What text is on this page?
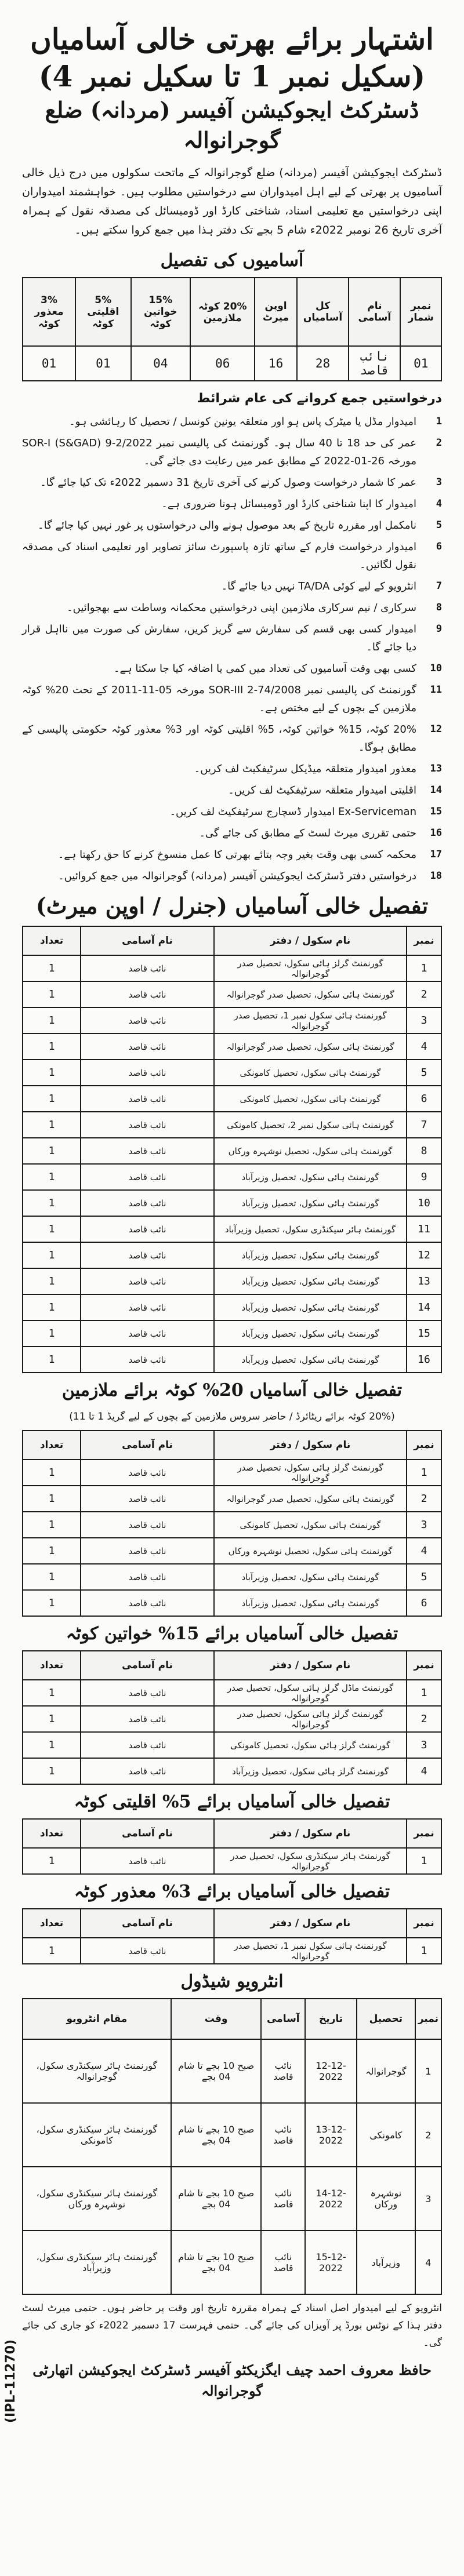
اشتہار برائے بھرتی خالی آسامیاں (سکیل نمبر 1 تا سکیل نمبر 4)
ڈسٹرکٹ ایجوکیشن آفیسر (مردانہ) ضلع گوجرانوالہ

ڈسٹرکٹ ایجوکیشن آفیسر (مردانہ) ضلع گوجرانوالہ کے ماتحت سکولوں میں درج ذیل خالی آسامیوں پر بھرتی کے لیے اہل امیدواران سے درخواستیں مطلوب ہیں۔ خواہشمند امیدواران اپنی درخواستیں مع تعلیمی اسناد، شناختی کارڈ اور ڈومیسائل کی مصدقہ نقول کے ہمراہ آخری تاریخ 26 نومبر 2022ء شام 5 بجے تک دفتر ہذا میں جمع کروا سکتے ہیں۔

آسامیوں کی تفصیل
نمبر شمار	نام آسامی	کل آسامیاں	اوپن میرٹ	20% کوٹہ ملازمین	15% خواتین کوٹہ	5% اقلیتی کوٹہ	3% معذور کوٹہ
01	نائب قاصد	28	16	06	04	01	01
درخواستیں جمع کروانے کی عام شرائط
1
امیدوار مڈل یا میٹرک پاس ہو اور متعلقہ یونین کونسل / تحصیل کا رہائشی ہو۔
2
عمر کی حد 18 تا 40 سال ہو۔ گورنمنٹ کی پالیسی نمبر SOR-I (S&GAD) 9-2/2022 مورخہ 26-01-2022 کے مطابق عمر میں رعایت دی جائے گی۔
3
عمر کا شمار درخواست وصول کرنے کی آخری تاریخ 31 دسمبر 2022ء تک کیا جائے گا۔
4
امیدوار کا اپنا شناختی کارڈ اور ڈومیسائل ہونا ضروری ہے۔
5
نامکمل اور مقررہ تاریخ کے بعد موصول ہونے والی درخواستوں پر غور نہیں کیا جائے گا۔
6
امیدوار درخواست فارم کے ساتھ تازہ پاسپورٹ سائز تصاویر اور تعلیمی اسناد کی مصدقہ نقول لگائیں۔
7
انٹرویو کے لیے کوئی TA/DA نہیں دیا جائے گا۔
8
سرکاری / نیم سرکاری ملازمین اپنی درخواستیں محکمانہ وساطت سے بھجوائیں۔
9
امیدوار کسی بھی قسم کی سفارش سے گریز کریں، سفارش کی صورت میں نااہل قرار دیا جائے گا۔
10
کسی بھی وقت آسامیوں کی تعداد میں کمی یا اضافہ کیا جا سکتا ہے۔
11
گورنمنٹ کی پالیسی نمبر SOR-III 2-74/2008 مورخہ 05-11-2011 کے تحت 20% کوٹہ ملازمین کے بچوں کے لیے مختص ہے۔
12
20% کوٹہ، 15% خواتین کوٹہ، 5% اقلیتی کوٹہ اور 3% معذور کوٹہ حکومتی پالیسی کے مطابق ہوگا۔
13
معذور امیدوار متعلقہ میڈیکل سرٹیفکیٹ لف کریں۔
14
اقلیتی امیدوار متعلقہ سرٹیفکیٹ لف کریں۔
15
Ex-Serviceman امیدوار ڈسچارج سرٹیفکیٹ لف کریں۔
16
حتمی تقرری میرٹ لسٹ کے مطابق کی جائے گی۔
17
محکمہ کسی بھی وقت بغیر وجہ بتائے بھرتی کا عمل منسوخ کرنے کا حق رکھتا ہے۔
18
درخواستیں دفتر ڈسٹرکٹ ایجوکیشن آفیسر (مردانہ) گوجرانوالہ میں جمع کروائیں۔
تفصیل خالی آسامیاں (جنرل / اوپن میرٹ)
نمبر	نام سکول / دفتر	نام آسامی	تعداد
1	گورنمنٹ گرلز ہائی سکول، تحصیل صدر گوجرانوالہ	نائب قاصد	1
2	گورنمنٹ ہائی سکول، تحصیل صدر گوجرانوالہ	نائب قاصد	1
3	گورنمنٹ ہائی سکول نمبر 1، تحصیل صدر گوجرانوالہ	نائب قاصد	1
4	گورنمنٹ ہائی سکول، تحصیل صدر گوجرانوالہ	نائب قاصد	1
5	گورنمنٹ ہائی سکول، تحصیل کامونکی	نائب قاصد	1
6	گورنمنٹ ہائی سکول، تحصیل کامونکی	نائب قاصد	1
7	گورنمنٹ ہائی سکول نمبر 2، تحصیل کامونکی	نائب قاصد	1
8	گورنمنٹ ہائی سکول، تحصیل نوشہرہ ورکاں	نائب قاصد	1
9	گورنمنٹ ہائی سکول، تحصیل وزیرآباد	نائب قاصد	1
10	گورنمنٹ ہائی سکول، تحصیل وزیرآباد	نائب قاصد	1
11	گورنمنٹ ہائر سیکنڈری سکول، تحصیل وزیرآباد	نائب قاصد	1
12	گورنمنٹ ہائی سکول، تحصیل وزیرآباد	نائب قاصد	1
13	گورنمنٹ ہائی سکول، تحصیل وزیرآباد	نائب قاصد	1
14	گورنمنٹ ہائی سکول، تحصیل وزیرآباد	نائب قاصد	1
15	گورنمنٹ ہائی سکول، تحصیل وزیرآباد	نائب قاصد	1
16	گورنمنٹ ہائی سکول، تحصیل وزیرآباد	نائب قاصد	1
تفصیل خالی آسامیاں 20% کوٹہ برائے ملازمین
(20% کوٹہ برائے ریٹائرڈ / حاضر سروس ملازمین کے بچوں کے لیے گریڈ 1 تا 11)
نمبر	نام سکول / دفتر	نام آسامی	تعداد
1	گورنمنٹ گرلز ہائی سکول، تحصیل صدر گوجرانوالہ	نائب قاصد	1
2	گورنمنٹ ہائی سکول، تحصیل صدر گوجرانوالہ	نائب قاصد	1
3	گورنمنٹ ہائی سکول، تحصیل کامونکی	نائب قاصد	1
4	گورنمنٹ ہائی سکول، تحصیل نوشہرہ ورکاں	نائب قاصد	1
5	گورنمنٹ ہائی سکول، تحصیل وزیرآباد	نائب قاصد	1
6	گورنمنٹ ہائی سکول، تحصیل وزیرآباد	نائب قاصد	1
تفصیل خالی آسامیاں برائے 15% خواتین کوٹہ
نمبر	نام سکول / دفتر	نام آسامی	تعداد
1	گورنمنٹ ماڈل گرلز ہائی سکول، تحصیل صدر گوجرانوالہ	نائب قاصد	1
2	گورنمنٹ گرلز ہائی سکول، تحصیل صدر گوجرانوالہ	نائب قاصد	1
3	گورنمنٹ گرلز ہائی سکول، تحصیل کامونکی	نائب قاصد	1
4	گورنمنٹ گرلز ہائی سکول، تحصیل وزیرآباد	نائب قاصد	1
تفصیل خالی آسامیاں برائے 5% اقلیتی کوٹہ
نمبر	نام سکول / دفتر	نام آسامی	تعداد
1	گورنمنٹ ہائر سیکنڈری سکول، تحصیل صدر گوجرانوالہ	نائب قاصد	1
تفصیل خالی آسامیاں برائے 3% معذور کوٹہ
نمبر	نام سکول / دفتر	نام آسامی	تعداد
1	گورنمنٹ ہائی سکول نمبر 1، تحصیل صدر گوجرانوالہ	نائب قاصد	1
انٹرویو شیڈول
نمبر	تحصیل	تاریخ	آسامی	وقت	مقام انٹرویو
1	گوجرانوالہ	12-12-2022	نائب قاصد	صبح 10 بجے تا شام 04 بجے	گورنمنٹ ہائر سیکنڈری سکول، گوجرانوالہ
2	کامونکی	13-12-2022	نائب قاصد	صبح 10 بجے تا شام 04 بجے	گورنمنٹ ہائر سیکنڈری سکول، کامونکی
3	نوشہرہ ورکاں	14-12-2022	نائب قاصد	صبح 10 بجے تا شام 04 بجے	گورنمنٹ ہائر سیکنڈری سکول، نوشہرہ ورکاں
4	وزیرآباد	15-12-2022	نائب قاصد	صبح 10 بجے تا شام 04 بجے	گورنمنٹ ہائر سیکنڈری سکول، وزیرآباد

انٹرویو کے لیے امیدوار اصل اسناد کے ہمراہ مقررہ تاریخ اور وقت پر حاضر ہوں۔ حتمی میرٹ لسٹ دفتر ہذا کے نوٹس بورڈ پر آویزاں کی جائے گی۔ حتمی فہرست 17 دسمبر 2022ء کو جاری کی جائے گی۔

حافظ معروف احمد چیف ایگزیکٹو آفیسر ڈسٹرکٹ ایجوکیشن اتھارٹی گوجرانوالہ
(IPL-11270)
